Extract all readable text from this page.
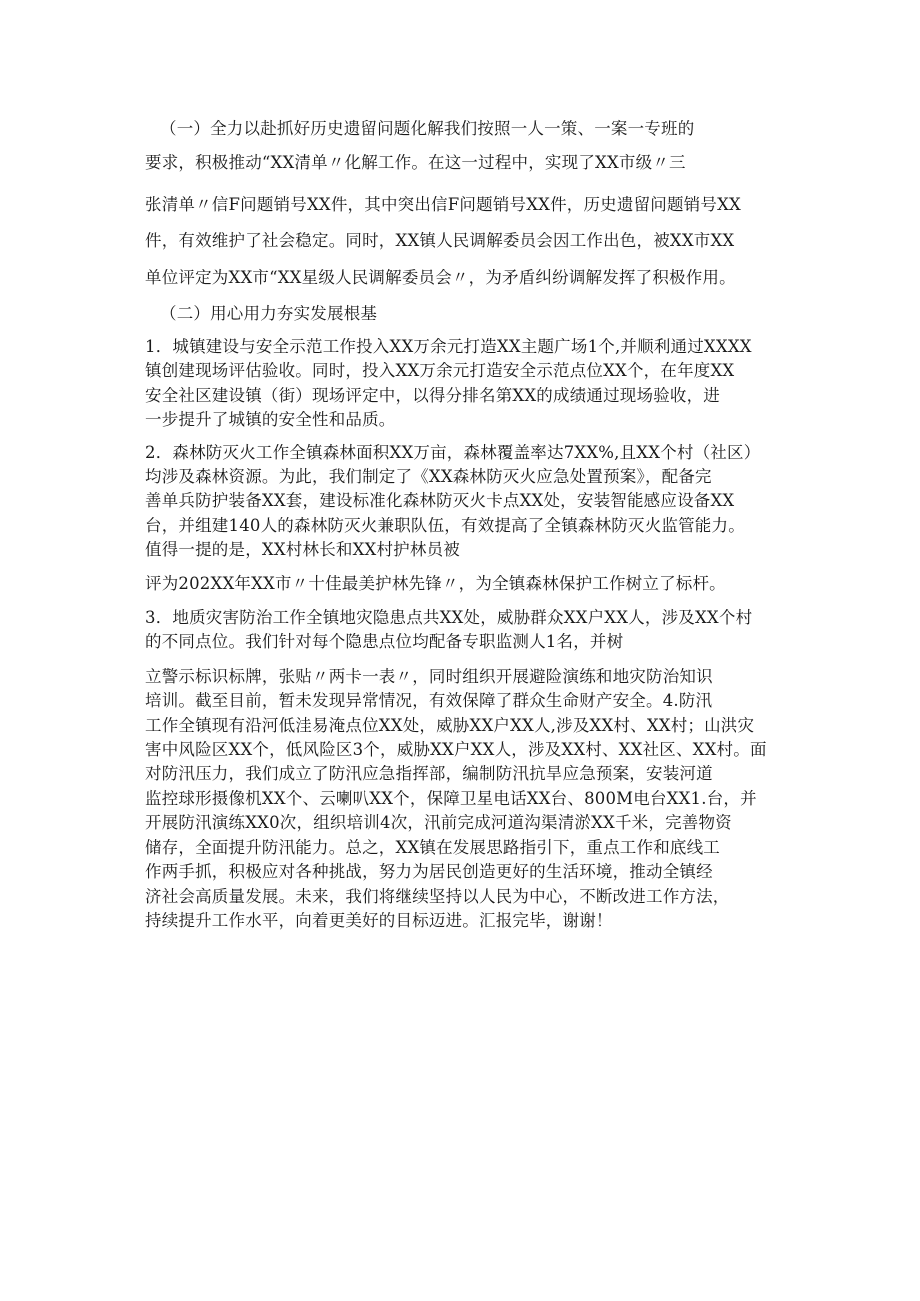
（一）全力以赴抓好历史遗留问题化解我们按照一人一策、一案一专班的
要求，积极推动“XX清单〃化解工作。在这一过程中，实现了XX市级〃三
张清单〃信F问题销号XX件，其中突出信F问题销号XX件，历史遗留问题销号XX
件，有效维护了社会稳定。同时，XX镇人民调解委员会因工作出色，被XX市XX
单位评定为XX市“XX星级人民调解委员会〃，为矛盾纠纷调解发挥了积极作用。
（二）用心用力夯实发展根基
1．城镇建设与安全示范工作投入XX万余元打造XX主题广场1个,并顺利通过XXXX
镇创建现场评估验收。同时，投入XX万余元打造安全示范点位XX个，在年度XX
安全社区建设镇（街）现场评定中，以得分排名第XX的成绩通过现场验收，进
一步提升了城镇的安全性和品质。
2．森林防灭火工作全镇森林面积XX万亩，森林覆盖率达7XX%,且XX个村（社区）
均涉及森林资源。为此，我们制定了《XX森林防灭火应急处置预案》，配备完
善单兵防护装备XX套，建设标准化森林防灭火卡点XX处，安装智能感应设备XX
台，并组建140人的森林防灭火兼职队伍，有效提高了全镇森林防灭火监管能力。
值得一提的是，XX村林长和XX村护林员被
评为202XX年XX市〃十佳最美护林先锋〃，为全镇森林保护工作树立了标杆。
3．地质灾害防治工作全镇地灾隐患点共XX处，威胁群众XX户XX人，涉及XX个村
的不同点位。我们针对每个隐患点位均配备专职监测人1名，并树
立警示标识标牌，张贴〃两卡一表〃，同时组织开展避险演练和地灾防治知识
培训。截至目前，暂未发现异常情况，有效保障了群众生命财产安全。4.防汛
工作全镇现有沿河低洼易淹点位XX处，威胁XX户XX人,涉及XX村、XX村；山洪灾
害中风险区XX个，低风险区3个，威胁XX户XX人，涉及XX村、XX社区、XX村。面
对防汛压力，我们成立了防汛应急指挥部，编制防汛抗旱应急预案，安装河道
监控球形摄像机XX个、云喇叭XX个，保障卫星电话XX台、800M电台XX1.台，并
开展防汛演练XX0次，组织培训4次，汛前完成河道沟渠清淤XX千米，完善物资
储存，全面提升防汛能力。总之，XX镇在发展思路指引下，重点工作和底线工
作两手抓，积极应对各种挑战，努力为居民创造更好的生活环境，推动全镇经
济社会高质量发展。未来，我们将继续坚持以人民为中心，不断改进工作方法，
持续提升工作水平，向着更美好的目标迈进。汇报完毕，谢谢！
